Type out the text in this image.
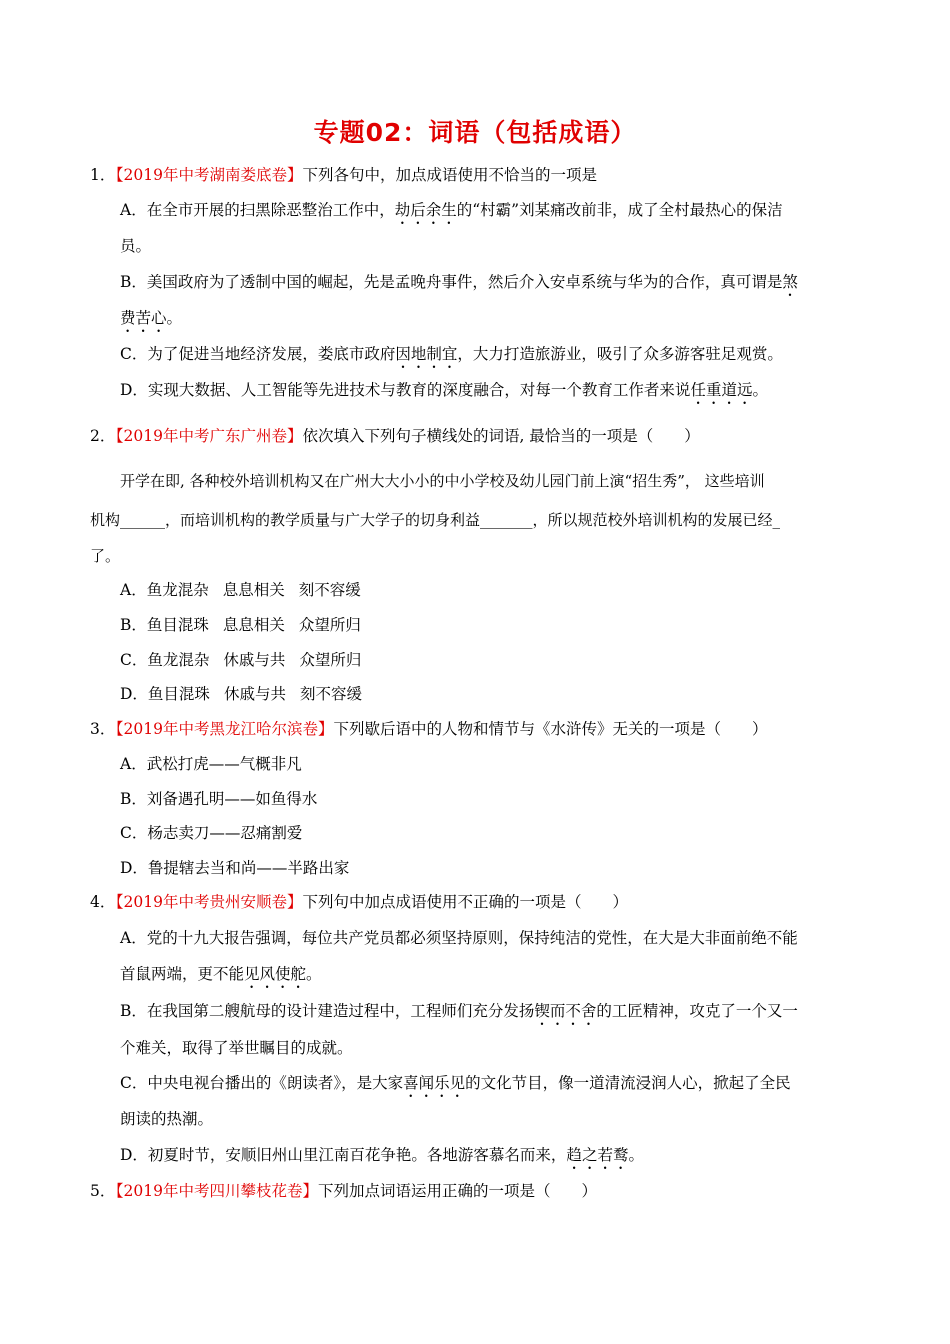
专题02：词语（包括成语）
1．
【2019年中考湖南娄底卷】下列各句中，加点成语使用不恰当的一项是
A．在全市开展的扫黑除恶整治工作中，劫后余生的“村霸”刘某痛改前非，成了全村最热心的保洁
员。
B．美国政府为了透制中国的崛起，先是孟晚舟事件，然后介入安卓系统与华为的合作，真可谓是煞
费苦心。
C．为了促进当地经济发展，娄底市政府因地制宜，大力打造旅游业，吸引了众多游客驻足观赏。
D．实现大数据、人工智能等先进技术与教育的深度融合，对每一个教育工作者来说任重道远。
2．
【2019年中考广东广州卷】依次填入下列句子横线处的词语, 最恰当的一项是（　　）
开学在即, 各种校外培训机构又在广州大大小小的中小学校及幼儿园门前上演“招生秀”， 这些培训
机构______，而培训机构的教学质量与广大学子的切身利益_______，所以规范校外培训机构的发展已经_
了。
A．鱼龙混杂 息息相关 刻不容缓
B．鱼目混珠 息息相关 众望所归
C．鱼龙混杂 休戚与共 众望所归
D．鱼目混珠 休戚与共 刻不容缓
3．
【2019年中考黑龙江哈尔滨卷】下列歇后语中的人物和情节与《水浒传》无关的一项是（　　）
A．武松打虎——气概非凡
B．刘备遇孔明——如鱼得水
C．杨志卖刀——忍痛割爱
D．鲁提辖去当和尚——半路出家
4．
【2019年中考贵州安顺卷】下列句中加点成语使用不正确的一项是（　　）
A．党的十九大报告强调，每位共产党员都必须坚持原则，保持纯洁的党性，在大是大非面前绝不能
首鼠两端，更不能见风使舵。
B．在我国第二艘航母的设计建造过程中，工程师们充分发扬锲而不舍的工匠精神，攻克了一个又一
个难关，取得了举世瞩目的成就。
C．中央电视台播出的《朗读者》，是大家喜闻乐见的文化节目，像一道清流浸润人心，掀起了全民
朗读的热潮。
D．初夏时节，安顺旧州山里江南百花争艳。各地游客慕名而来，趋之若鹜。
5．
【2019年中考四川攀枝花卷】下列加点词语运用正确的一项是（　　）
